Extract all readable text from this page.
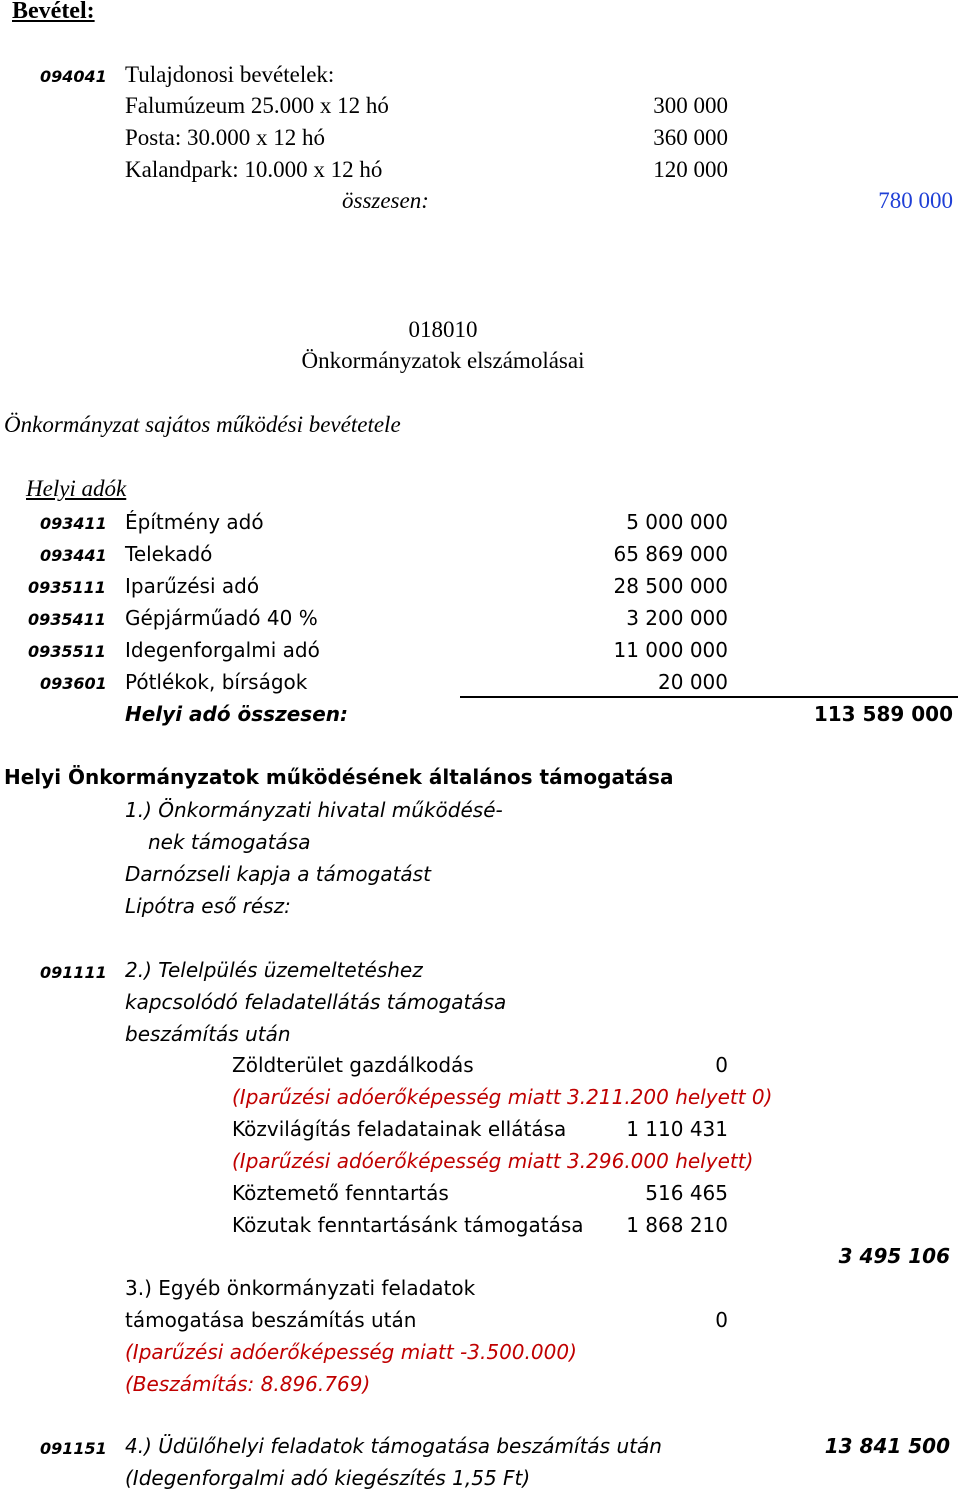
Bevétel:
094041 Tulajdonosi bevételek:
Falumúzeum 25.000 x 12 hó	300 000
Posta: 30.000 x 12 hó	360 000
Kalandpark: 10.000 x 12 hó	120 000
összesen:	780 000
018010
Önkormányzatok elszámolásai
Önkormányzat sajátos működési bevétetele
Helyi adók
093411 Építmény adó	5 000 000
093441 Telekadó	65 869 000
0935111 Iparűzési adó	28 500 000
0935411 Gépjárműadó 40 %	3 200 000
0935511 Idegenforgalmi adó	11 000 000
093601 Pótlékok, bírságok	20 000
Helyi adó összesen:	113 589 000
Helyi Önkormányzatok működésének általános támogatása
1.) Önkormányzati hivatal működésé-
nek támogatása
Darnózseli kapja a támogatást
Lipótra eső rész:
091111 2.) Telelpülés üzemeltetéshez
kapcsolódó feladatellátás támogatása
beszámítás után
Zöldterület gazdálkodás	0
(Iparűzési adóerőképesség miatt 3.211.200 helyett 0)
Közvilágítás feladatainak ellátása	1 110 431
(Iparűzési adóerőképesség miatt 3.296.000 helyett)
Köztemető fenntartás	516 465
Közutak fenntartásánk támogatása 1 868 210
3 495 106
3.) Egyéb önkormányzati feladatok
támogatása beszámítás után	0
(Iparűzési adóerőképesség miatt -3.500.000)
(Beszámítás: 8.896.769)
091151 4.) Üdülőhelyi feladatok támogatása beszámítás után	13 841 500
(Idegenforgalmi adó kiegészítés 1,55 Ft)
